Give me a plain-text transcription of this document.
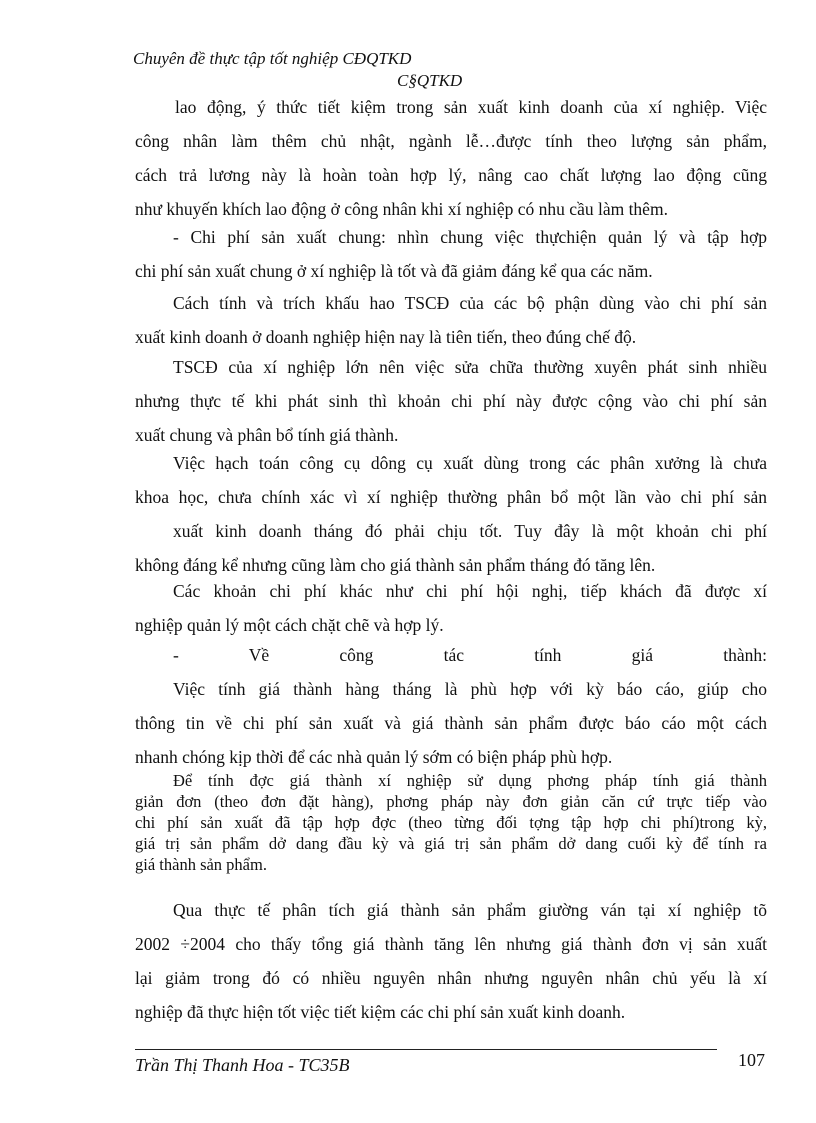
Chuyên đề thực tập tốt nghiệp CĐQTKD
C§QTKD
lao động, ý thức tiết kiệm trong sản xuất kinh doanh của xí nghiệp. Việc
công nhân làm thêm chủ nhật, ngành lễ…được tính theo lượng sản phẩm,
cách trả lương này là hoàn toàn hợp lý, nâng cao chất lượng lao động cũng
như khuyến khích lao động ở công nhân khi xí nghiệp có nhu cầu làm thêm.
- Chi phí sản xuất chung: nhìn chung việc thựchiện quản lý và tập hợp
chi phí sản xuất chung ở xí nghiệp là tốt và đã giảm đáng kể qua các năm.
Cách tính và trích khấu hao TSCĐ của các bộ phận dùng vào chi phí sản
xuất kinh doanh ở doanh nghiệp hiện nay là tiên tiến, theo đúng chế độ.
TSCĐ của xí nghiệp lớn nên việc sửa chữa thường xuyên phát sinh nhiều
nhưng thực tế khi phát sinh thì khoản chi phí này được cộng vào chi phí sản
xuất chung và phân bổ tính giá thành.
Việc hạch toán công cụ dông cụ xuất dùng trong các phân xưởng là chưa
khoa học, chưa chính xác vì xí nghiệp thường phân bổ một lần vào chi phí sản
xuất kinh doanh tháng đó phải chịu tốt. Tuy đây là một khoản chi phí
không đáng kể nhưng cũng làm cho giá thành sản phẩm tháng đó tăng lên.
Các khoản chi phí khác như chi phí hội nghị, tiếp khách đã được xí
nghiệp quản lý một cách chặt chẽ và hợp lý.
- Về công tác tính giá thành:
Việc tính giá thành hàng tháng là phù hợp với kỳ báo cáo, giúp cho
thông tin về chi phí sản xuất và giá thành sản phẩm được báo cáo một cách
nhanh chóng kịp thời để các nhà quản lý sớm có biện pháp phù hợp.
Để tính đợc giá thành xí nghiệp sử dụng phơng pháp tính giá thành
giản đơn (theo đơn đặt hàng), phơng pháp này đơn giản căn cứ trực tiếp vào
chi phí sản xuất đã tập hợp đợc (theo từng đối tợng tập hợp chi phí)trong kỳ,
giá trị sản phẩm dở dang đầu kỳ và giá trị sản phẩm dở dang cuối kỳ để tính ra
giá thành sản phẩm.
Qua thực tế phân tích giá thành sản phẩm giường ván tại xí nghiệp tõ
2002 ÷2004 cho thấy tổng giá thành tăng lên nhưng giá thành đơn vị sản xuất
lại giảm trong đó có nhiều nguyên nhân nhưng nguyên nhân chủ yếu là xí
nghiệp đã thực hiện tốt việc tiết kiệm các chi phí sản xuất kinh doanh.
Trần Thị Thanh Hoa - TC35B	107
